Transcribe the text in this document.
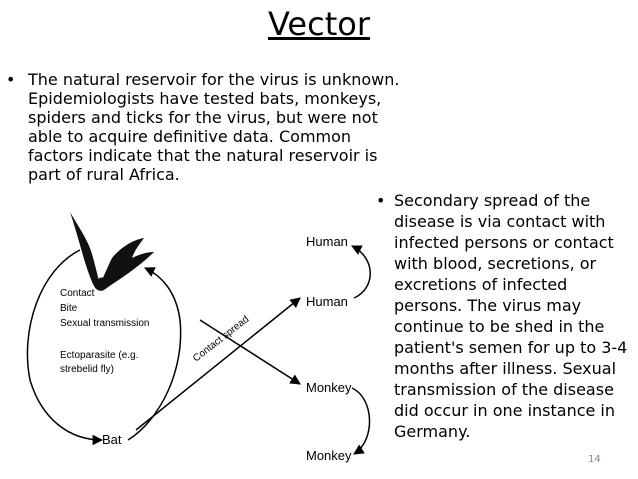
Vector
• The natural reservoir for the virus is unknown. Epidemiologists have tested bats, monkeys, spiders and ticks for the virus, but were not able to acquire definitive data. Common factors indicate that the natural reservoir is part of rural Africa.
Contact
Bite
Sexual transmission
Ectoparasite (e.g.
strebelid fly)
Bat
Contact spread
Human
Human
Monkey
Monkey
• Secondary spread of the disease is via contact with infected persons or contact with blood, secretions, or excretions of infected persons. The virus may continue to be shed in the patient's semen for up to 3-4 months after illness. Sexual transmission of the disease did occur in one instance in Germany.
14
